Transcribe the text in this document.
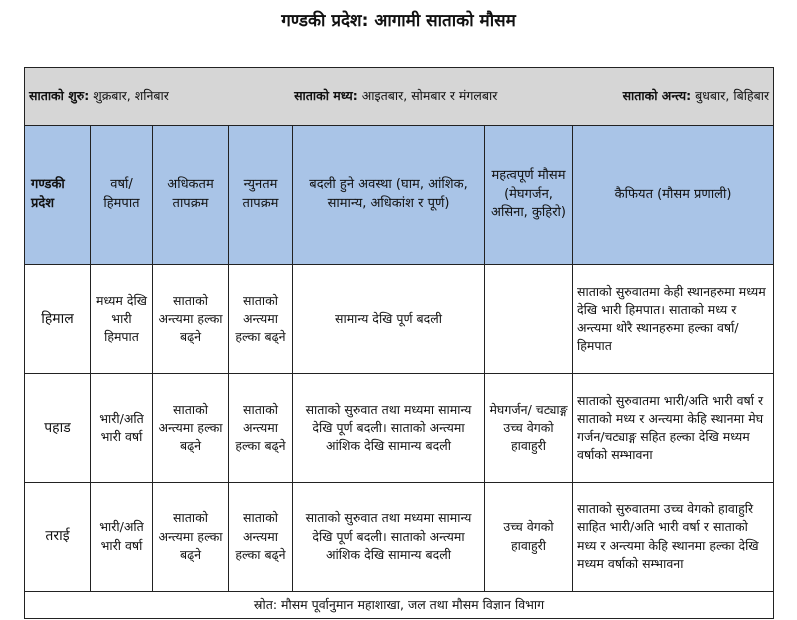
गण्डकी प्रदेश: आगामी साताको मौसम
साताको शुरु: शुक्रबार, शनिबार साताको मध्य: आइतबार, सोमबार र मंगलबार साताको अन्त्य: बुधबार, बिहिबार						

गण्डकी प्रदेश	वर्षा/ हिमपात	अधिकतम तापक्रम	न्युनतम तापक्रम	बदली हुने अवस्था (घाम, आंशिक, सामान्य, अधिकांश र पूर्ण)	महत्वपूर्ण मौसम (मेघगर्जन, असिना, कुहिरो)	कैफियत (मौसम प्रणाली)
हिमाल	मध्यम देखि भारी हिमपात	साताको अन्त्यमा हल्का बढ्ने	साताको अन्त्यमा हल्का बढ्ने	सामान्य देखि पूर्ण बदली		साताको सुरुवातमा केही स्थानहरुमा मध्यम देखि भारी हिमपात। साताको मध्य र अन्त्यमा थोरै स्थानहरुमा हल्का वर्षा/हिमपात
पहाड	भारी/अति भारी वर्षा	साताको अन्त्यमा हल्का बढ्ने	साताको अन्त्यमा हल्का बढ्ने	साताको सुरुवात तथा मध्यमा सामान्य देखि पूर्ण बदली। साताको अन्त्यमा आंशिक देखि सामान्य बदली	मेघगर्जन/ चट्याङ्ग उच्च वेगको हावाहुरी	साताको सुरुवातमा भारी/अति भारी वर्षा र साताको मध्य र अन्त्यमा केहि स्थानमा मेघ गर्जन/चट्याङ्ग सहित हल्का देखि मध्यम वर्षाको सम्भावना
तराई	भारी/अति भारी वर्षा	साताको अन्त्यमा हल्का बढ्ने	साताको अन्त्यमा हल्का बढ्ने	साताको सुरुवात तथा मध्यमा सामान्य देखि पूर्ण बदली। साताको अन्त्यमा आंशिक देखि सामान्य बदली	उच्च वेगको हावाहुरी	साताको सुरुवातमा उच्च वेगको हावाहुरि साहित भारी/अति भारी वर्षा र साताको मध्य र अन्त्यमा केहि स्थानमा हल्का देखि मध्यम वर्षाको सम्भावना
स्रोत: मौसम पूर्वानुमान महाशाखा, जल तथा मौसम विज्ञान विभाग						
